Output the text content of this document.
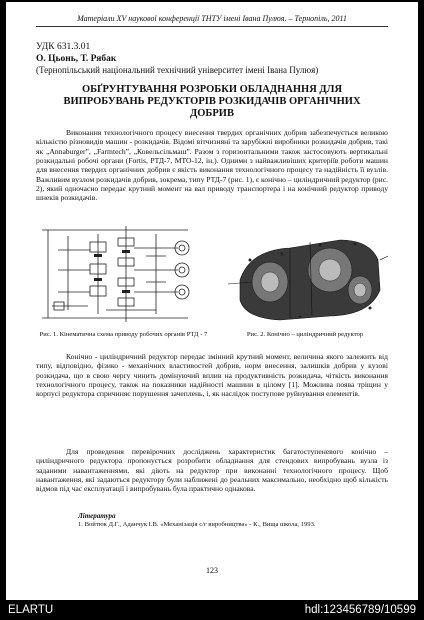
Матеріали XV наукової конференції ТНТУ імені Івана Пулюя. – Тернопіль, 2011
УДК 631.3.01
О. Цьонь, Т. Рябак
(Тернопільський національний технічний університет імені Івана Пулюя)
ОБҐРУНТУВАННЯ РОЗРОБКИ ОБЛАДНАННЯ ДЛЯ ВИПРОБУВАНЬ РЕДУКТОРІВ РОЗКИДАЧІВ ОРГАНІЧНИХ ДОБРИВ

Виконання технологічного процесу внесення твердих органічних добрив забезпечується великою кількістю різновидів машин - розкидачів. Відомі вітчизняні та зарубіжні виробники розкидачів добрив, такі як „Annaburger”, „Farmtech”, „Ковельсільмаш”. Разом з горизонтальними також застосовують вертикальні розкидальні робочі органи (Fortis, РТД-7, МТО-12, ін.). Одними з найважливіших критеріїв роботи машин для внесення твердих органічних добрив є якість виконання технологічного процесу та надійність її вузлів. Важливим вузлом розкидачів добрив, зокрема, типу РТД-7 (рис. 1), є конічно – циліндричний редуктор (рис. 2), який одночасно передає крутний момент на вал приводу транспортера і на конічний редуктор приводу шнеків розкидачів.

Рис. 1. Кінематична схема приводу робочих органів РТД - 7	Рис. 2. Конічно – циліндричний редуктор

Конічно - циліндричний редуктор передає змінний крутний момент, величина якого залежить від типу, відповідно, фізико - механічних властивостей добрив, норм внесення, залишків добрив у кузові розкидача, що в свою чергу чинить домінуючий вплив на продуктивність розкидача, чіткість виконання технологічного процесу, також на показники надійності машини в цілому [1]. Можлива поява тріщин у корпусі редуктора спричиняє порушення зачеплень, і, як наслідок поступове руйнування елементів.

Для проведення перевірочних досліджень характеристик багатоступеневого конічно – циліндричного редуктора пропонується розробити обладнання для стендових випробувань вузла із заданими навантаженнями, які діють на редуктор при виконанні технологічного процесу. Щоб навантаження, які задаються редуктору були наближені до реальних максимально, необхідно щоб кількість відмов під час експлуатації і випробувань була практично однакова.

Література
1. Войтюк Д.Г., Аданчук І.В. «Механізація с/г виробництва» - К., Вища школа, 1993.
123
ELARTU	hdl:123456789/10599
